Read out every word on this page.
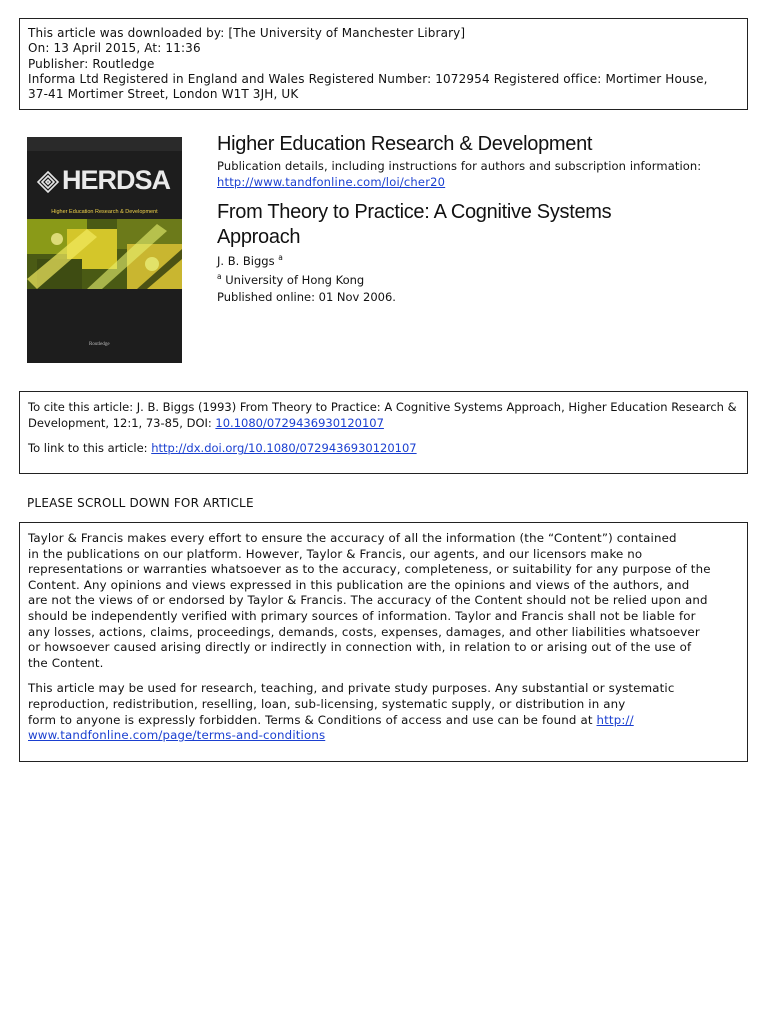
This article was downloaded by: [The University of Manchester Library]
On: 13 April 2015, At: 11:36
Publisher: Routledge
Informa Ltd Registered in England and Wales Registered Number: 1072954 Registered office: Mortimer House,
37-41 Mortimer Street, London W1T 3JH, UK
HERDSA
Higher Education Research & Development
Routledge
Higher Education Research & Development
Publication details, including instructions for authors and subscription information:
http://www.tandfonline.com/loi/cher20
From Theory to Practice: A Cognitive Systems
Approach
J. B. Biggs $^a$
$^a$ University of Hong Kong
Published online: 01 Nov 2006.
To cite this article: J. B. Biggs (1993) From Theory to Practice: A Cognitive Systems Approach, Higher Education Research &
Development, 12:1, 73-85, DOI: 10.1080/0729436930120107
To link to this article: http://dx.doi.org/10.1080/0729436930120107
PLEASE SCROLL DOWN FOR ARTICLE
Taylor & Francis makes every effort to ensure the accuracy of all the information (the “Content”) contained
in the publications on our platform. However, Taylor & Francis, our agents, and our licensors make no
representations or warranties whatsoever as to the accuracy, completeness, or suitability for any purpose of the
Content. Any opinions and views expressed in this publication are the opinions and views of the authors, and
are not the views of or endorsed by Taylor & Francis. The accuracy of the Content should not be relied upon and
should be independently verified with primary sources of information. Taylor and Francis shall not be liable for
any losses, actions, claims, proceedings, demands, costs, expenses, damages, and other liabilities whatsoever
or howsoever caused arising directly or indirectly in connection with, in relation to or arising out of the use of
the Content.
This article may be used for research, teaching, and private study purposes. Any substantial or systematic
reproduction, redistribution, reselling, loan, sub-licensing, systematic supply, or distribution in any
form to anyone is expressly forbidden. Terms & Conditions of access and use can be found at http://
www.tandfonline.com/page/terms-and-conditions
